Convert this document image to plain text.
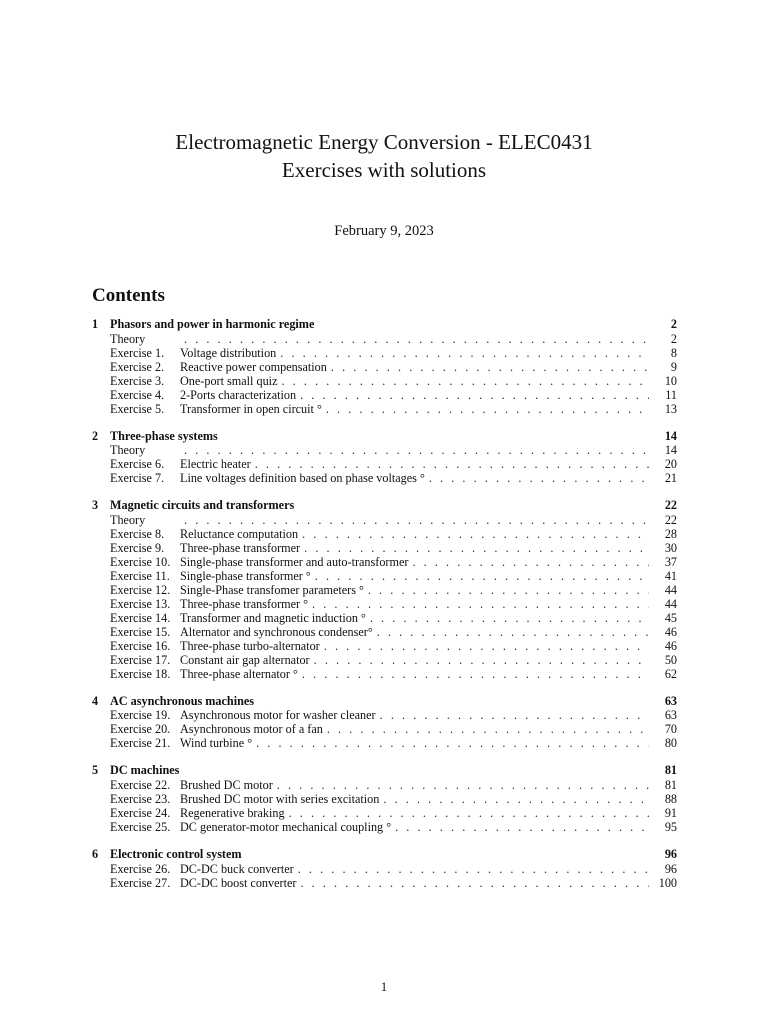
Electromagnetic Energy Conversion - ELEC0431
Exercises with solutions
February 9, 2023
Contents
1 Phasors and power in harmonic regime	2
Theory . . .	2
Exercise 1.	Voltage distribution . . .	8
Exercise 2.	Reactive power compensation . . .	9
Exercise 3.	One-port small quiz . . .	10
Exercise 4.	2-Ports characterization . . .	11
Exercise 5.	Transformer in open circuit ° . . .	13
2 Three-phase systems	14
Theory . . .	14
Exercise 6.	Electric heater . . .	20
Exercise 7.	Line voltages definition based on phase voltages ° . . .	21
3 Magnetic circuits and transformers	22
Theory . . .	22
Exercise 8.	Reluctance computation . . .	28
Exercise 9.	Three-phase transformer . . .	30
Exercise 10. Single-phase transformer and auto-transformer . . .	37
Exercise 11. Single-phase transformer ° . . .	41
Exercise 12. Single-Phase transfomer parameters ° . . .	44
Exercise 13. Three-phase transformer ° . . .	44
Exercise 14. Transformer and magnetic induction ° . . .	45
Exercise 15. Alternator and synchronous condenser° . . .	46
Exercise 16. Three-phase turbo-alternator . . .	46
Exercise 17. Constant air gap alternator . . .	50
Exercise 18. Three-phase alternator ° . . .	62
4 AC asynchronous machines	63
Exercise 19. Asynchronous motor for washer cleaner . . .	63
Exercise 20. Asynchronous motor of a fan . . .	70
Exercise 21. Wind turbine ° . . .	80
5 DC machines	81
Exercise 22. Brushed DC motor . . .	81
Exercise 23. Brushed DC motor with series excitation . . .	88
Exercise 24. Regenerative braking . . .	91
Exercise 25. DC generator-motor mechanical coupling ° . . .	95
6 Electronic control system	96
Exercise 26. DC-DC buck converter . . .	96
Exercise 27. DC-DC boost converter . . .	100
1
